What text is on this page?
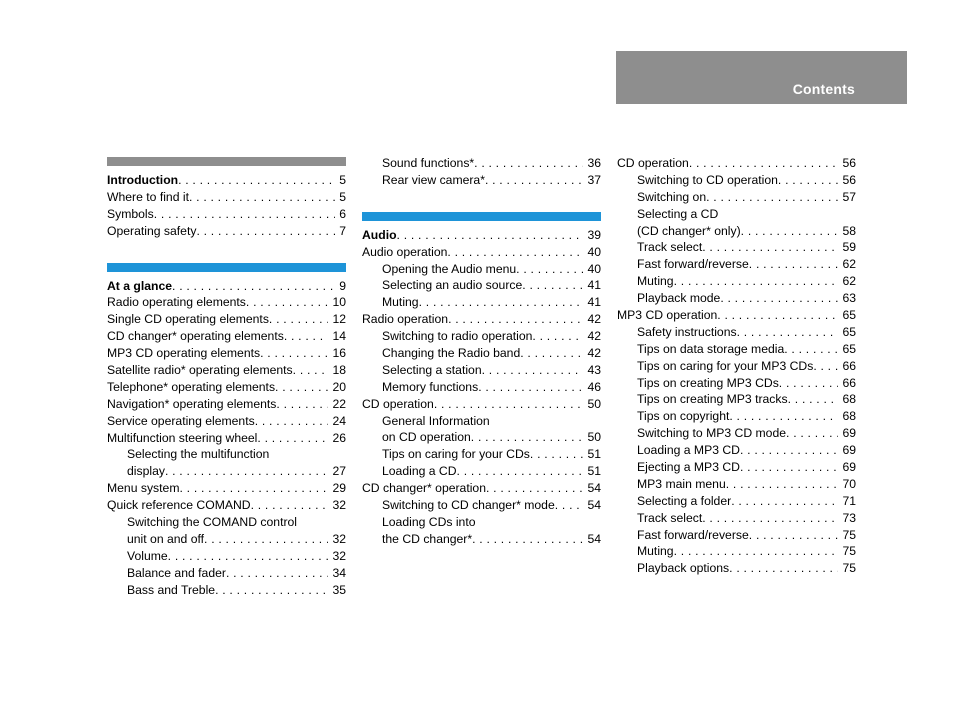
Contents
Introduction . . .	5
Where to find it . . .	5
Symbols . . .	6
Operating safety . . .	7
At a glance . . .	9
Radio operating elements . . .	10
Single CD operating elements . . .	12
CD changer* operating elements . . .	14
MP3 CD operating elements . . .	16
Satellite radio* operating elements . . .	18
Telephone* operating elements . . .	20
Navigation* operating elements . . .	22
Service operating elements . . .	24
Multifunction steering wheel . . .	26
Selecting the multifunction
display . . .	27
Menu system . . .	29
Quick reference COMAND . . .	32
Switching the COMAND control
unit on and off . . .	32
Volume . . .	32
Balance and fader . . .	34
Bass and Treble . . .	35
Sound functions* . . .	36
Rear view camera* . . .	37
Audio . . .	39
Audio operation . . .	40
Opening the Audio menu . . .	40
Selecting an audio source . . .	41
Muting . . .	41
Radio operation . . .	42
Switching to radio operation . . .	42
Changing the Radio band . . .	42
Selecting a station . . .	43
Memory functions . . .	46
CD operation . . .	50
General Information
on CD operation . . .	50
Tips on caring for your CDs . . .	51
Loading a CD . . .	51
CD changer* operation . . .	54
Switching to CD changer* mode . . .	54
Loading CDs into
the CD changer* . . .	54
CD operation . . .	56
Switching to CD operation . . .	56
Switching on . . .	57
Selecting a CD
(CD changer* only) . . .	58
Track select . . .	59
Fast forward/reverse . . .	62
Muting . . .	62
Playback mode . . .	63
MP3 CD operation . . .	65
Safety instructions . . .	65
Tips on data storage media . . .	65
Tips on caring for your MP3 CDs . . .	66
Tips on creating MP3 CDs . . .	66
Tips on creating MP3 tracks . . .	68
Tips on copyright . . .	68
Switching to MP3 CD mode . . .	69
Loading a MP3 CD . . .	69
Ejecting a MP3 CD . . .	69
MP3 main menu . . .	70
Selecting a folder . . .	71
Track select . . .	73
Fast forward/reverse . . .	75
Muting . . .	75
Playback options . . .	75
